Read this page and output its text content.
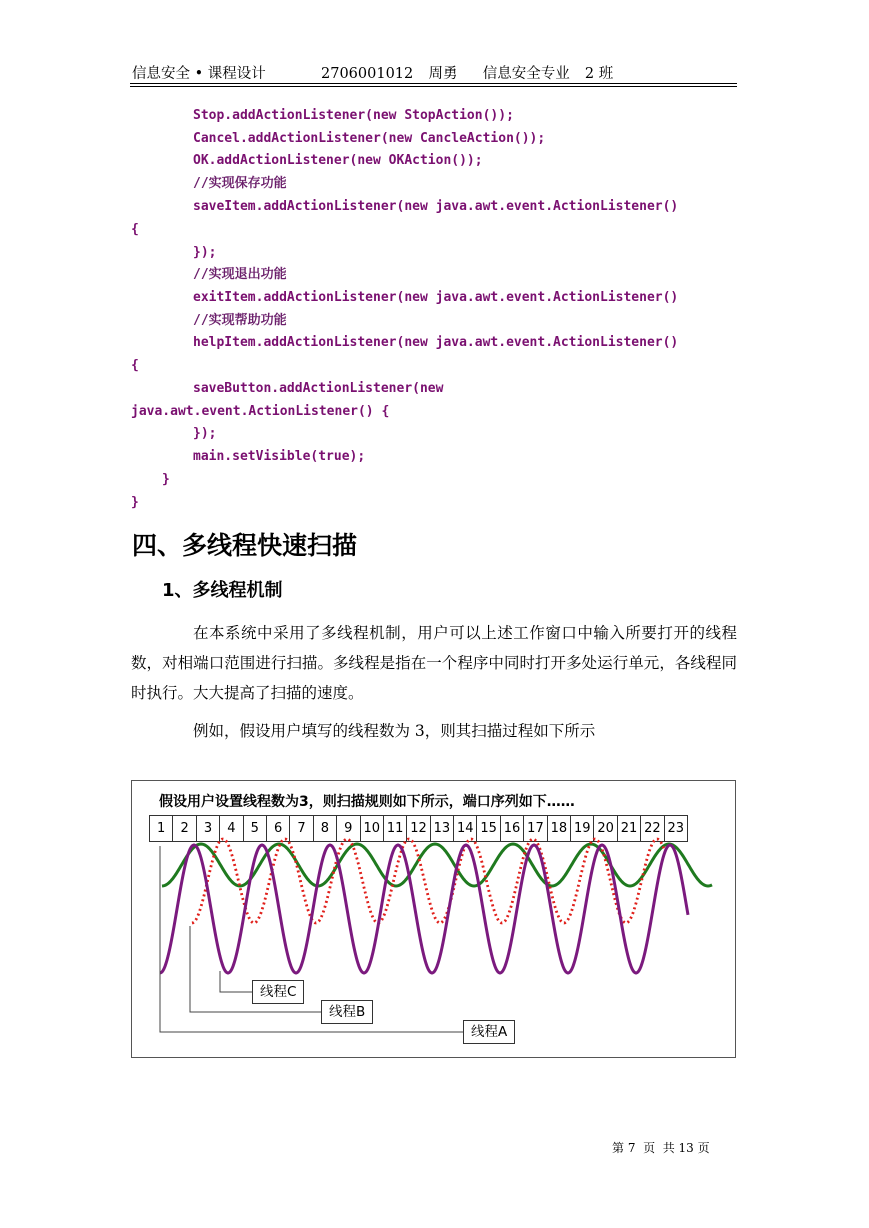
信息安全 • 课程设计	2706001012 周勇 信息安全专业 2 班
Stop.addActionListener(new StopAction());
Cancel.addActionListener(new CancleAction());
OK.addActionListener(new OKAction());
//实现保存功能
saveItem.addActionListener(new java.awt.event.ActionListener()
{
});
//实现退出功能
exitItem.addActionListener(new java.awt.event.ActionListener()
//实现帮助功能
helpItem.addActionListener(new java.awt.event.ActionListener()
{
saveButton.addActionListener(new
java.awt.event.ActionListener() {
});
main.setVisible(true);
}
}
四、多线程快速扫描
1、多线程机制
在本系统中采用了多线程机制，用户可以上述工作窗口中输入所要打开的线程数，对相端口范围进行扫描。多线程是指在一个程序中同时打开多处运行单元，各线程同时执行。大大提高了扫描的速度。
例如，假设用户填写的线程数为 3，则其扫描过程如下所示
假设用户设置线程数为3，则扫描规则如下所示，端口序列如下……
1	2	3	4	5	6	7	8	9 10 11 12 13 14 15 16 17 18 19 20 21 22 23
线程C
线程B
线程A
第 7  页  共 13 页
